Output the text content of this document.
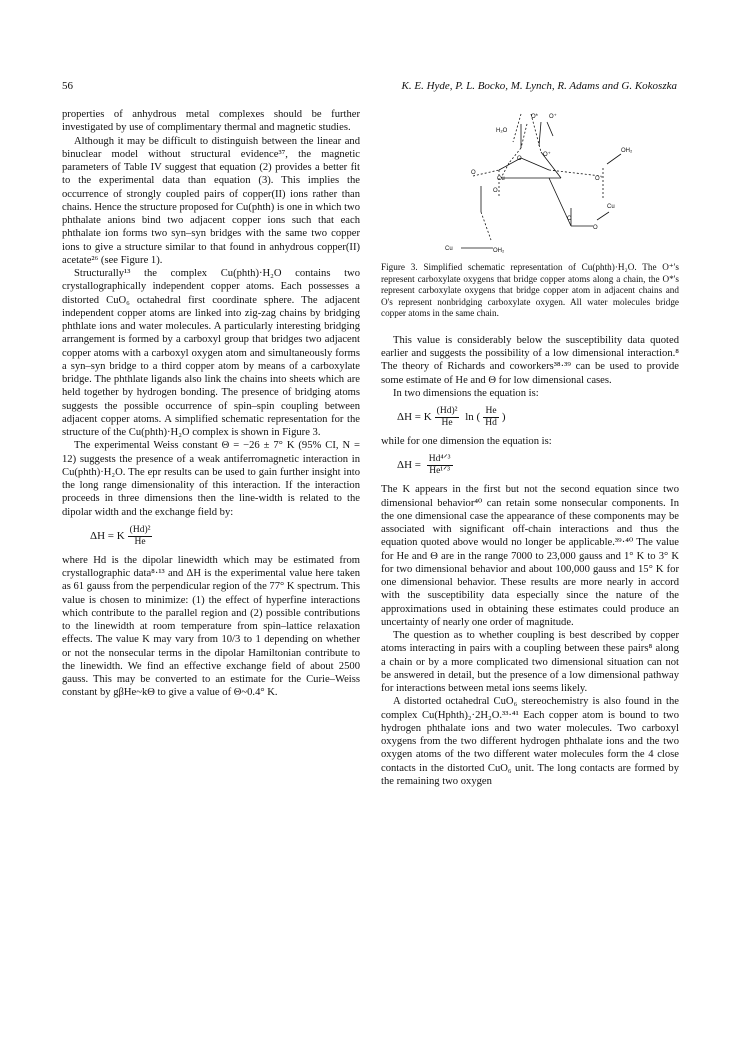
56	K. E. Hyde, P. L. Bocko, M. Lynch, R. Adams and G. Kokoszka

properties of anhydrous metal complexes should be further investigated by use of complimentary thermal and magnetic studies.

Although it may be difficult to distinguish between the linear and binuclear model without structural evidence³⁷, the magnetic parameters of Table IV suggest that equation (2) provides a better fit to the experimental data than equation (3). This implies the occurrence of strongly coupled pairs of copper(II) ions rather than chains. Hence the structure proposed for Cu(phth) is one in which two phthalate anions bind two adjacent copper ions such that each phthalate ion forms two syn–syn bridges with the same two copper ions to give a structure similar to that found in anhydrous copper(II) acetate²⁶ (see Figure 1).

Structurally¹³ the complex Cu(phth)·H₂O contains two crystallographically independent copper atoms. Each possesses a distorted CuO₆ octahedral first coordinate sphere. The adjacent independent copper atoms are linked into zig-zag chains by bridging phthlate ions and water molecules. A particularly interesting bridging arrangement is formed by a carboxyl group that bridges two adjacent copper atoms with a carboxyl oxygen atom and simultaneously forms a syn–syn bridge to a third copper atom by means of a carboxylate bridge. The phthlate ligands also link the chains into sheets which are held together by hydrogen bonding. The presence of bridging atoms suggests the possible occurrence of spin–spin coupling between adjacent copper atoms. A simplified schematic representation for the structure of the Cu(phth)·H₂O complex is shown in Figure 3.

The experimental Weiss constant Θ = −26 ± 7° K (95% CI, N = 12) suggests the presence of a weak antiferromagnetic interaction in Cu(phth)·H₂O. The epr results can be used to gain further insight into the long range dimensionality of this interaction. If the interaction proceeds in three dimensions then the line-width is related to the dipolar width and the exchange field by:

ΔH = K $\frac{\text{(Hd)²}}{He}$

where Hd is the dipolar linewidth which may be estimated from crystallographic data⁸·¹³ and ΔH is the experimental value here taken as 61 gauss from the perpendicular region of the 77° K spectrum. This value is chosen to minimize: (1) the effect of hyperfine interactions which contribute to the parallel region and (2) possible contributions to the linewidth at room temperature from spin–lattice relaxation effects. The value K may vary from 10/3 to 1 depending on whether or not the nonsecular terms in the dipolar Hamiltonian contribute to the linewidth. We find an effective exchange field of about 2500 gauss. This may be converted to an estimate for the Curie–Weiss constant by gβHe~kΘ to give a value of Θ~0.4° K.

H₂O
O* O⁺
OH₂
O
O
Cu
O⁺
O⁺
O
Cu
C
O
Cu	OH₂

Figure 3. Simplified schematic representation of Cu(phth)·H₂O. The O⁺'s represent carboxylate oxygens that bridge copper atoms along a chain, the O*'s represent carboxylate oxygens that bridge copper atom in adjacent chains and O's represent nonbridging carboxylate oxygen. All water molecules bridge copper atoms in the same chain.

This value is considerably below the susceptibility data quoted earlier and suggests the possibility of a low dimensional interaction.⁸ The theory of Richards and coworkers³⁸·³⁹ can be used to provide some estimate of He and Θ for low dimensional cases.

In two dimensions the equation is:

ΔH = K $\frac{\text{(Hd)²}}{He}$ ln ( $\frac{He}{Hd}$ )

while for one dimension the equation is:

$\Delta H = \frac{\text{Hd⁴ᐟ³}}{\text{He¹ᐟ³}}$

The K appears in the first but not the second equation since two dimensional behavior⁴⁰ can retain some nonsecular components. In the one dimensional case the appearance of these components may be associated with significant off-chain interactions and thus the equation quoted above would no longer be applicable.³⁹·⁴⁰ The value for He and Θ are in the range 7000 to 23,000 gauss and 1° K to 3° K for two dimensional behavior and about 100,000 gauss and 15° K for one dimensional behavior. These results are more nearly in accord with the susceptibility data especially since the nature of the approximations used in obtaining these estimates could produce an uncertainty of nearly one order of magnitude.

The question as to whether coupling is best described by copper atoms interacting in pairs with a coupling between these pairs⁸ along a chain or by a more complicated two dimensional situation can not be answered in detail, but the presence of a low dimensional pathway for interactions between metal ions seems likely.

A distorted octahedral CuO₆ stereochemistry is also found in the complex Cu(Hphth)₂·2H₂O.³³·⁴¹ Each copper atom is bound to two hydrogen phthalate ions and two water molecules. Two carboxyl oxygens from the two different hydrogen phthalate ions and the two oxygen atoms of the two different water molecules form the 4 close contacts in the distorted CuO₆ unit. The long contacts are formed by the remaining two oxygen
